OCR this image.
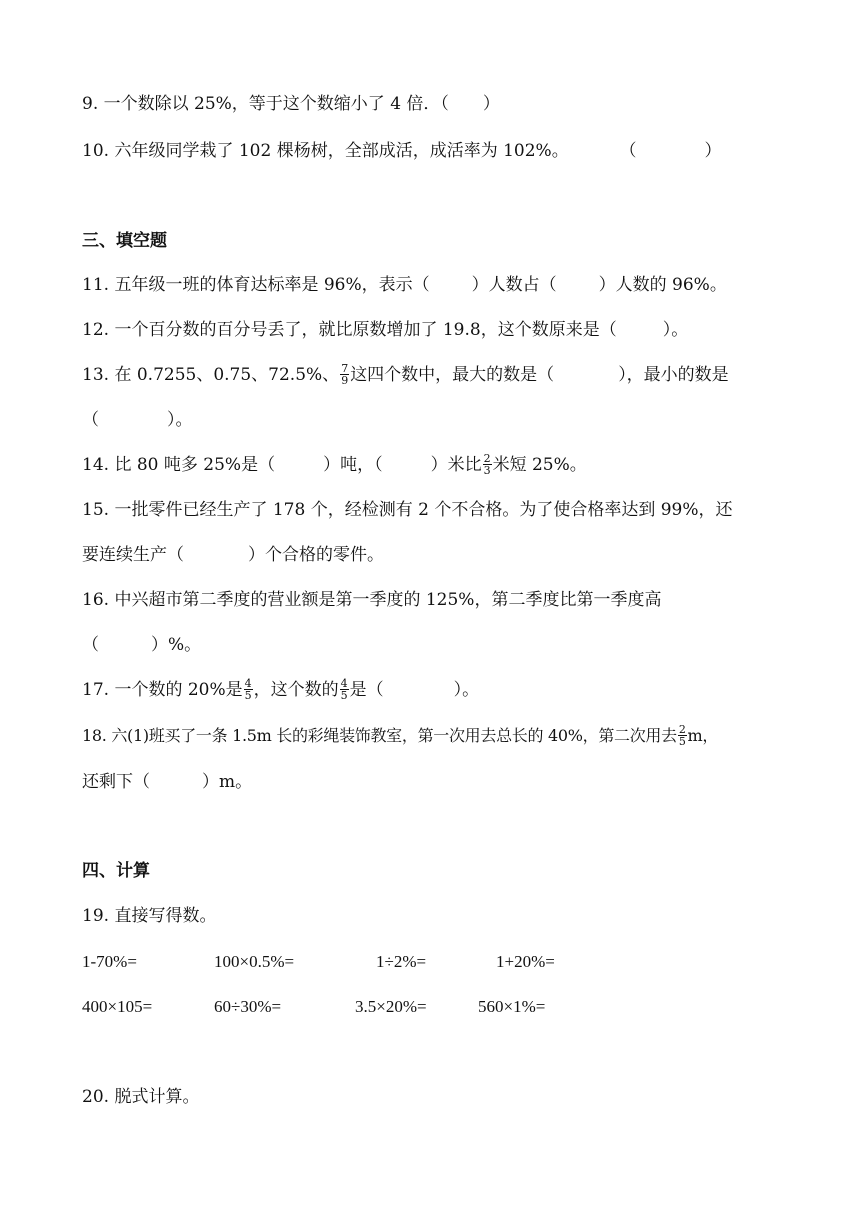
9. 一个数除以 25%，等于这个数缩小了 4 倍．（　　）
10. 六年级同学栽了 102 棵杨树，全部成活，成活率为 102%。	（　　　　）
三、填空题
11. 五年级一班的体育达标率是 96%，表示（ ）人数占（ ）人数的 96%。
12. 一个百分数的百分号丢了，就比原数增加了 19.8，这个数原来是（	）。
13. 在 0.7255、0.75、72.5%、 $\frac{7}{9}$ 这四个数中，最大的数是（	），最小的数是
（	）。
14. 比 80 吨多 25%是（	）吨，（	）米比 $\frac{2}{3}$ 米短 25%。
15. 一批零件已经生产了 178 个，经检测有 2 个不合格。为了使合格率达到 99%，还
要连续生产（	）个合格的零件。
16. 中兴超市第二季度的营业额是第一季度的 125%，第二季度比第一季度高
（	）%。
17. 一个数的 20%是 $\frac{4}{5}$ ，这个数的 $\frac{4}{5}$ 是（	）。
18. 六(1)班买了一条 1.5m 长的彩绳装饰教室，第一次用去总长的 40%，第二次用去 $\frac{2}{5}$ m，
还剩下（	）m。
四、计算
19. 直接写得数。
1-70%=	100×0.5%=	1÷2%=	1+20%=
400×105=	60÷30%=	3.5×20%=	560×1%=
20. 脱式计算。
